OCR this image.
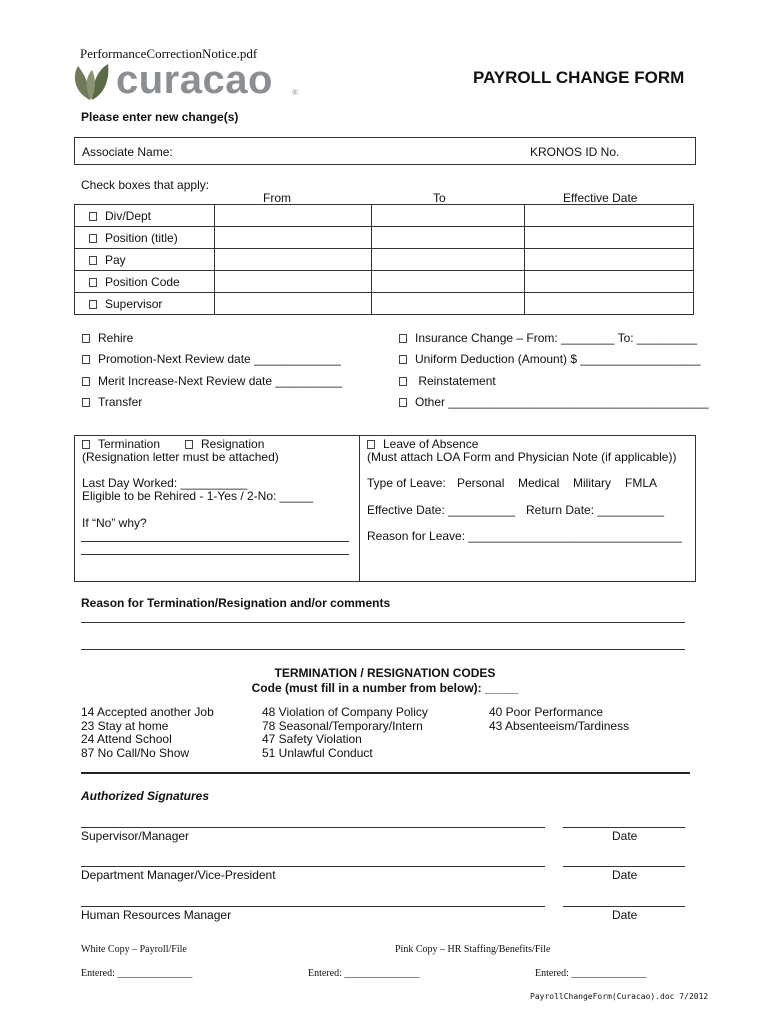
PerformanceCorrectionNotice.pdf
curacao ®
PAYROLL CHANGE FORM
Please enter new change(s)
Associate Name:	KRONOS ID No.
Check boxes that apply:
From	To	Effective Date
Div/Dept			
Position (title)			
Pay			
Position Code			
Supervisor			
Rehire
Promotion-Next Review date _____________
Merit Increase-Next Review date __________
Transfer
Insurance Change – From: ________ To: _________
Uniform Deduction (Amount) $ __________________
Reinstatement
Other _______________________________________
Termination	Resignation
(Resignation letter must be attached)
Last Day Worked: __________
Eligible to be Rehired - 1-Yes / 2-No: _____
If “No” why?
Leave of Absence
(Must attach LOA Form and Physician Note (if applicable))
Type of Leave: Personal Medical Military FMLA
Effective Date: __________ Return Date: __________
Reason for Leave: ________________________________
Reason for Termination/Resignation and/or comments
TERMINATION / RESIGNATION CODES
Code (must fill in a number from below): _____
14 Accepted another Job
23 Stay at home
24 Attend School
87 No Call/No Show
48 Violation of Company Policy
78 Seasonal/Temporary/Intern
47 Safety Violation
51 Unlawful Conduct
40 Poor Performance
43 Absenteeism/Tardiness
Authorized Signatures
Supervisor/Manager	Date
Department Manager/Vice-President	Date
Human Resources Manager	Date
White Copy – Payroll/File	Pink Copy – HR Staffing/Benefits/File
Entered: _______________	Entered: _______________	Entered: _______________
PayrollChangeForm(Curacao).doc 7/2012
